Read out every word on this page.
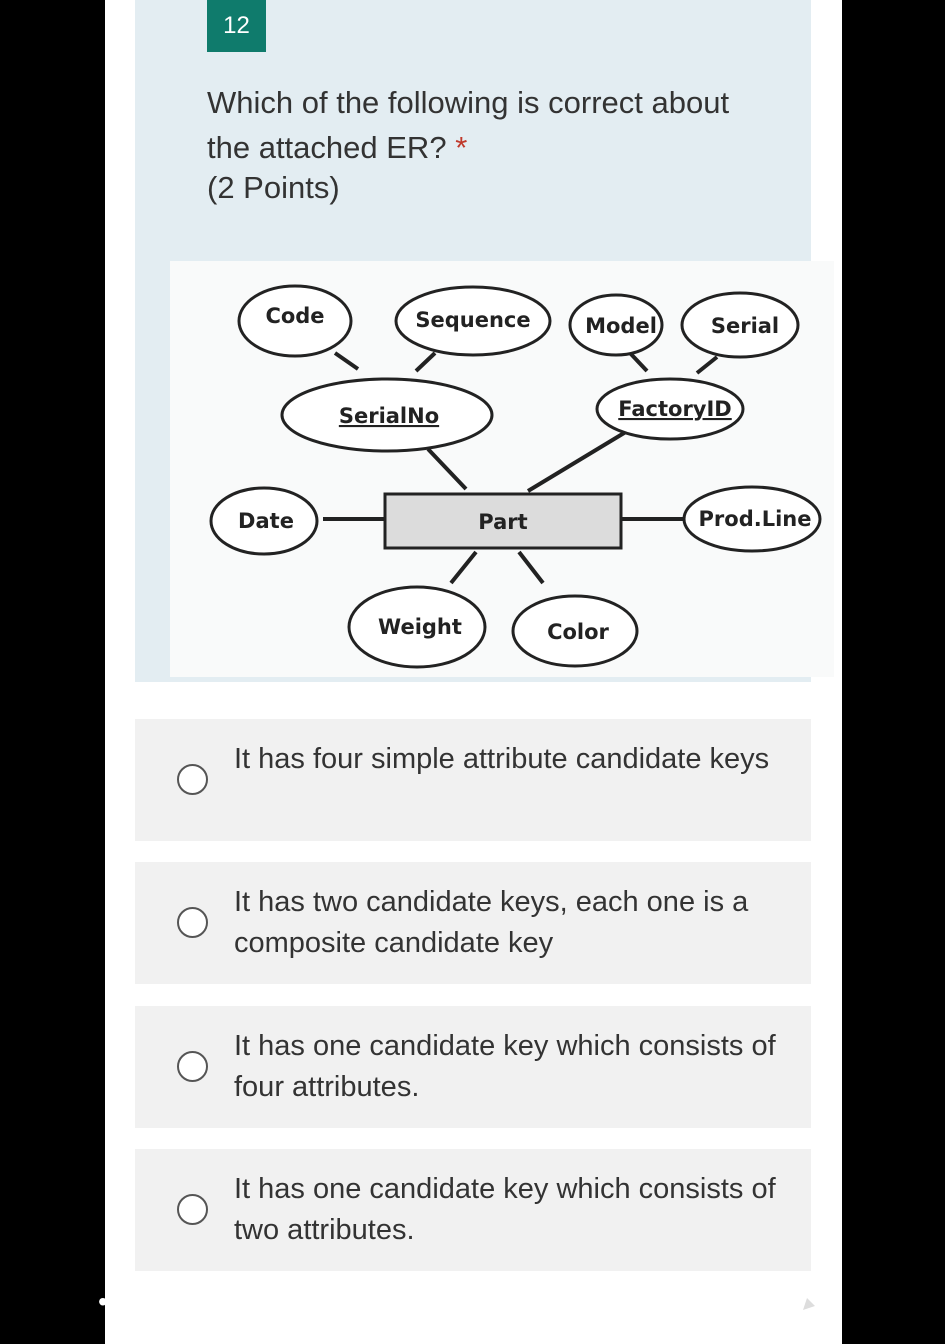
12
Which of the following is correct about the attached ER? *
(2 Points)
Code	Sequence	Model	Serial
SerialNo	FactoryID
Date	Part	Prod.Line
Weight	Color
It has four simple attribute candidate keys
It has two candidate keys, each one is a composite candidate key
It has one candidate key which consists of four attributes.
It has one candidate key which consists of two attributes.
•••
